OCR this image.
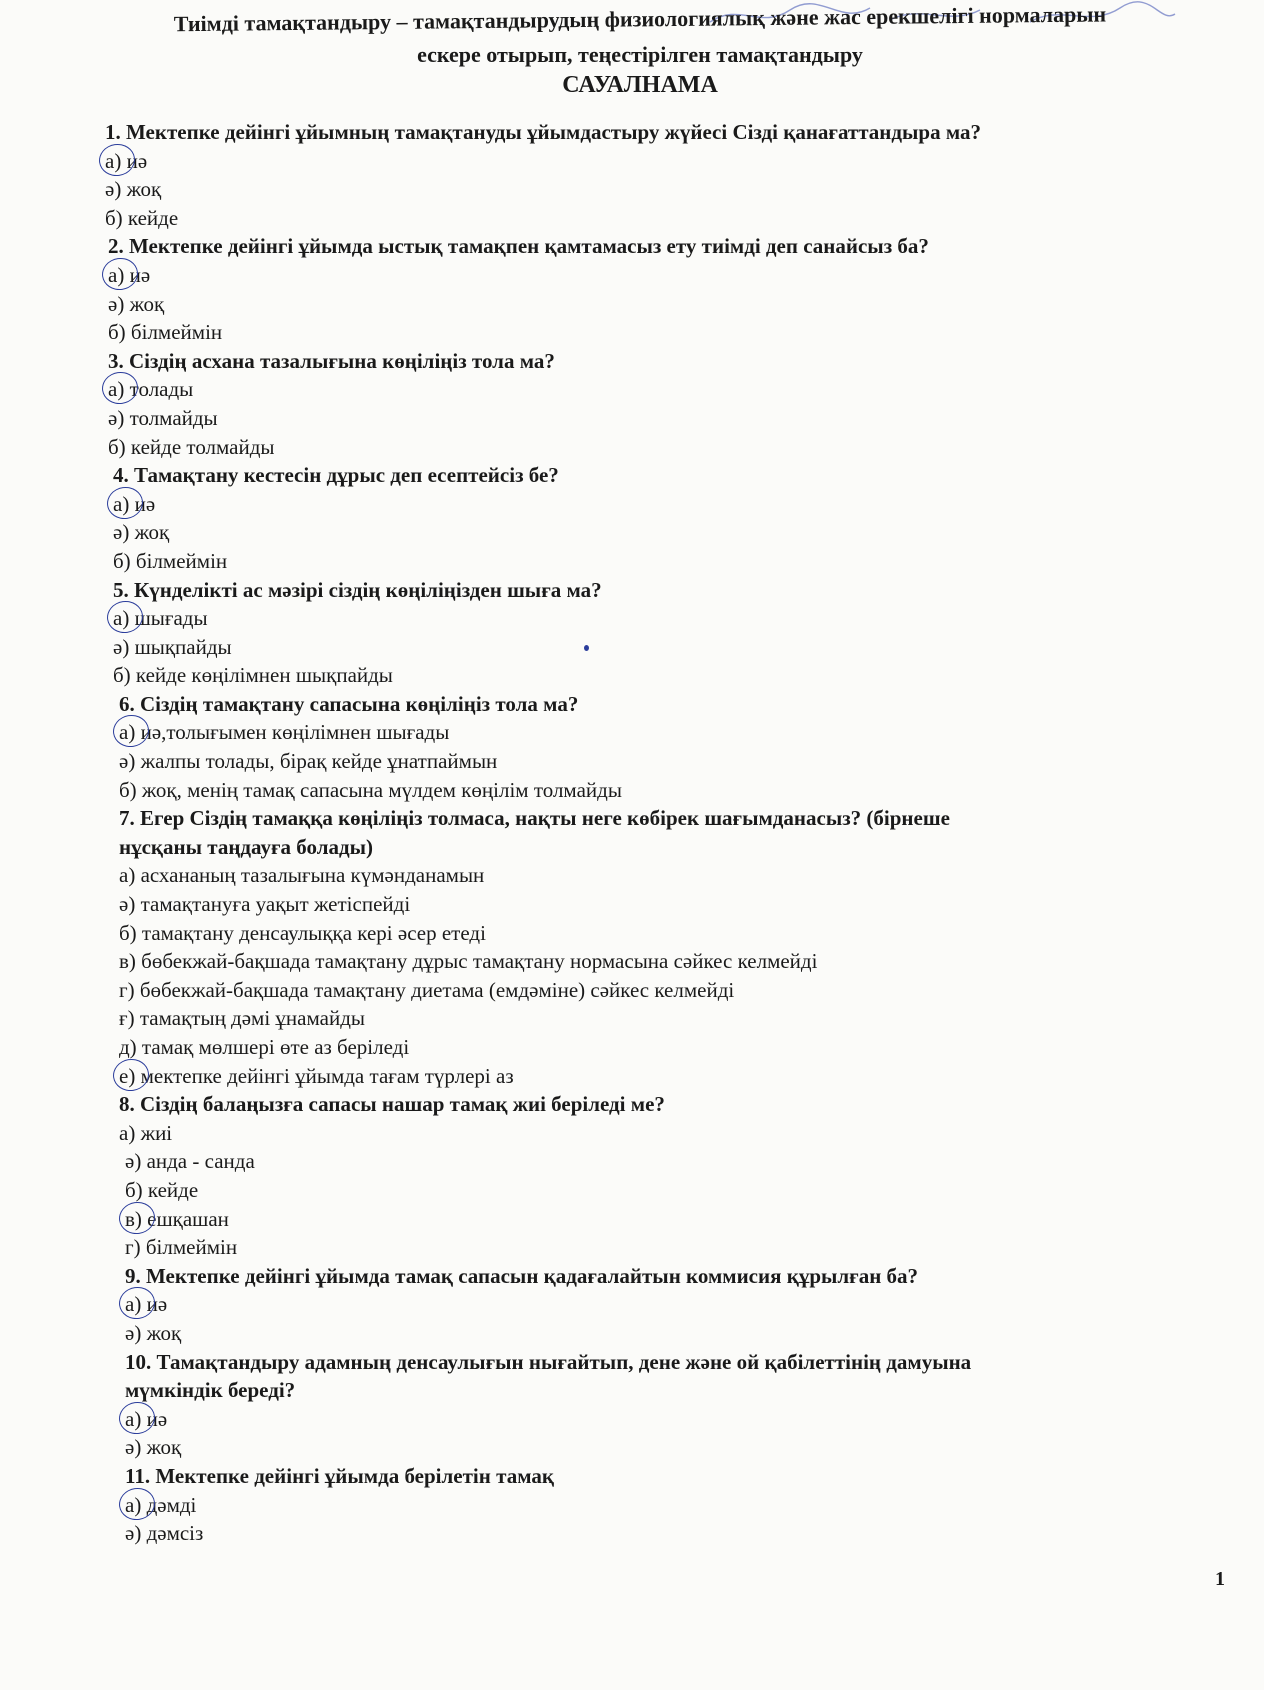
Тиімді тамақтандыру – тамақтандырудың физиологиялық және жас ерекшелігі нормаларын
ескере отырып, теңестірілген тамақтандыру
САУАЛНАМА
1. Мектепке дейінгі ұйымның тамақтануды ұйымдастыру жүйесі Сізді қанағаттандыра ма?
а)
иә
ә) жоқ
б) кейде
2. Мектепке дейінгі ұйымда ыстық тамақпен қамтамасыз ету тиімді деп санайсыз ба?
а)
иә
ә) жоқ
б) білмеймін
3. Сіздің асхана тазалығына көңіліңіз тола ма?
а)
толады
ә) толмайды
б) кейде толмайды
4. Тамақтану кестесін дұрыс деп есептейсіз бе?
а)
иә
ә) жоқ
б) білмеймін
5. Күнделікті ас мәзірі сіздің көңіліңізден шыға ма?
а)
шығады
ә) шықпайды
б) кейде көңілімнен шықпайды
6. Сіздің тамақтану сапасына көңіліңіз тола ма?
а)
иә,толығымен көңілімнен шығады
ә) жалпы толады, бірақ кейде ұнатпаймын
б) жоқ, менің тамақ сапасына мүлдем көңілім толмайды
7. Егер Сіздің тамаққа көңіліңіз толмаса, нақты неге көбірек шағымданасыз? (бірнеше
нұсқаны таңдауға болады)
а) асхананың тазалығына күмәнданамын
ә) тамақтануға уақыт жетіспейді
б) тамақтану денсаулыққа кері әсер етеді
в) бөбекжай-бақшада тамақтану дұрыс тамақтану нормасына сәйкес келмейді
г) бөбекжай-бақшада тамақтану диетама (емдәміне) сәйкес келмейді
ғ) тамақтың дәмі ұнамайды
д) тамақ мөлшері өте аз беріледі
е)
мектепке дейінгі ұйымда тағам түрлері аз
8. Сіздің балаңызға сапасы нашар тамақ жиі беріледі ме?
а) жиі
ә) анда - санда
б) кейде
в)
ешқашан
г) білмеймін
9. Мектепке дейінгі ұйымда тамақ сапасын қадағалайтын коммисия құрылған ба?
а)
иә
ә) жоқ
10. Тамақтандыру адамның денсаулығын нығайтып, дене және ой қабілеттінің дамуына
мүмкіндік береді?
а)
иә
ә) жоқ
11. Мектепке дейінгі ұйымда берілетін тамақ
а)
дәмді
ә) дәмсіз
1
